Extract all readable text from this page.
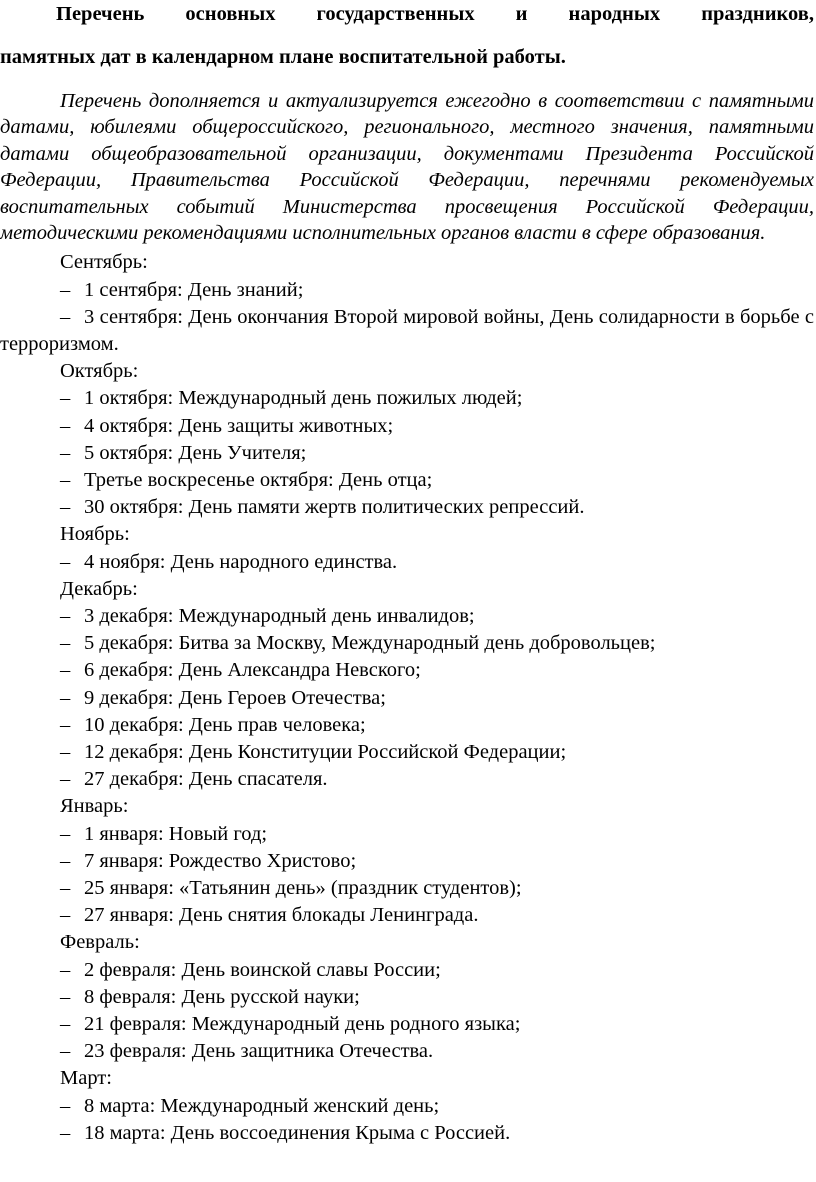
Перечень основных государственных и народных праздников,

памятных дат в календарном плане воспитательной работы.

Перечень дополняется и актуализируется ежегодно в соответствии с памятными датами, юбилеями общероссийского, регионального, местного значения, памятными датами общеобразовательной организации, документами Президента Российской Федерации, Правительства Российской Федерации, перечнями рекомендуемых воспитательных событий Министерства просвещения Российской Федерации, методическими рекомендациями исполнительных органов власти в сфере образования.

Сентябрь:
– 1 сентября: День знаний;
– 3 сентября: День окончания Второй мировой войны, День солидарности в борьбе с терроризмом.
Октябрь:
– 1 октября: Международный день пожилых людей;
– 4 октября: День защиты животных;
– 5 октября: День Учителя;
– Третье воскресенье октября: День отца;
– 30 октября: День памяти жертв политических репрессий.
Ноябрь:
– 4 ноября: День народного единства.
Декабрь:
– 3 декабря: Международный день инвалидов;
– 5 декабря: Битва за Москву, Международный день добровольцев;
– 6 декабря: День Александра Невского;
– 9 декабря: День Героев Отечества;
– 10 декабря: День прав человека;
– 12 декабря: День Конституции Российской Федерации;
– 27 декабря: День спасателя.
Январь:
– 1 января: Новый год;
– 7 января: Рождество Христово;
– 25 января: «Татьянин день» (праздник студентов);
– 27 января: День снятия блокады Ленинграда.
Февраль:
– 2 февраля: День воинской славы России;
– 8 февраля: День русской науки;
– 21 февраля: Международный день родного языка;
– 23 февраля: День защитника Отечества.
Март:
– 8 марта: Международный женский день;
– 18 марта: День воссоединения Крыма с Россией.
